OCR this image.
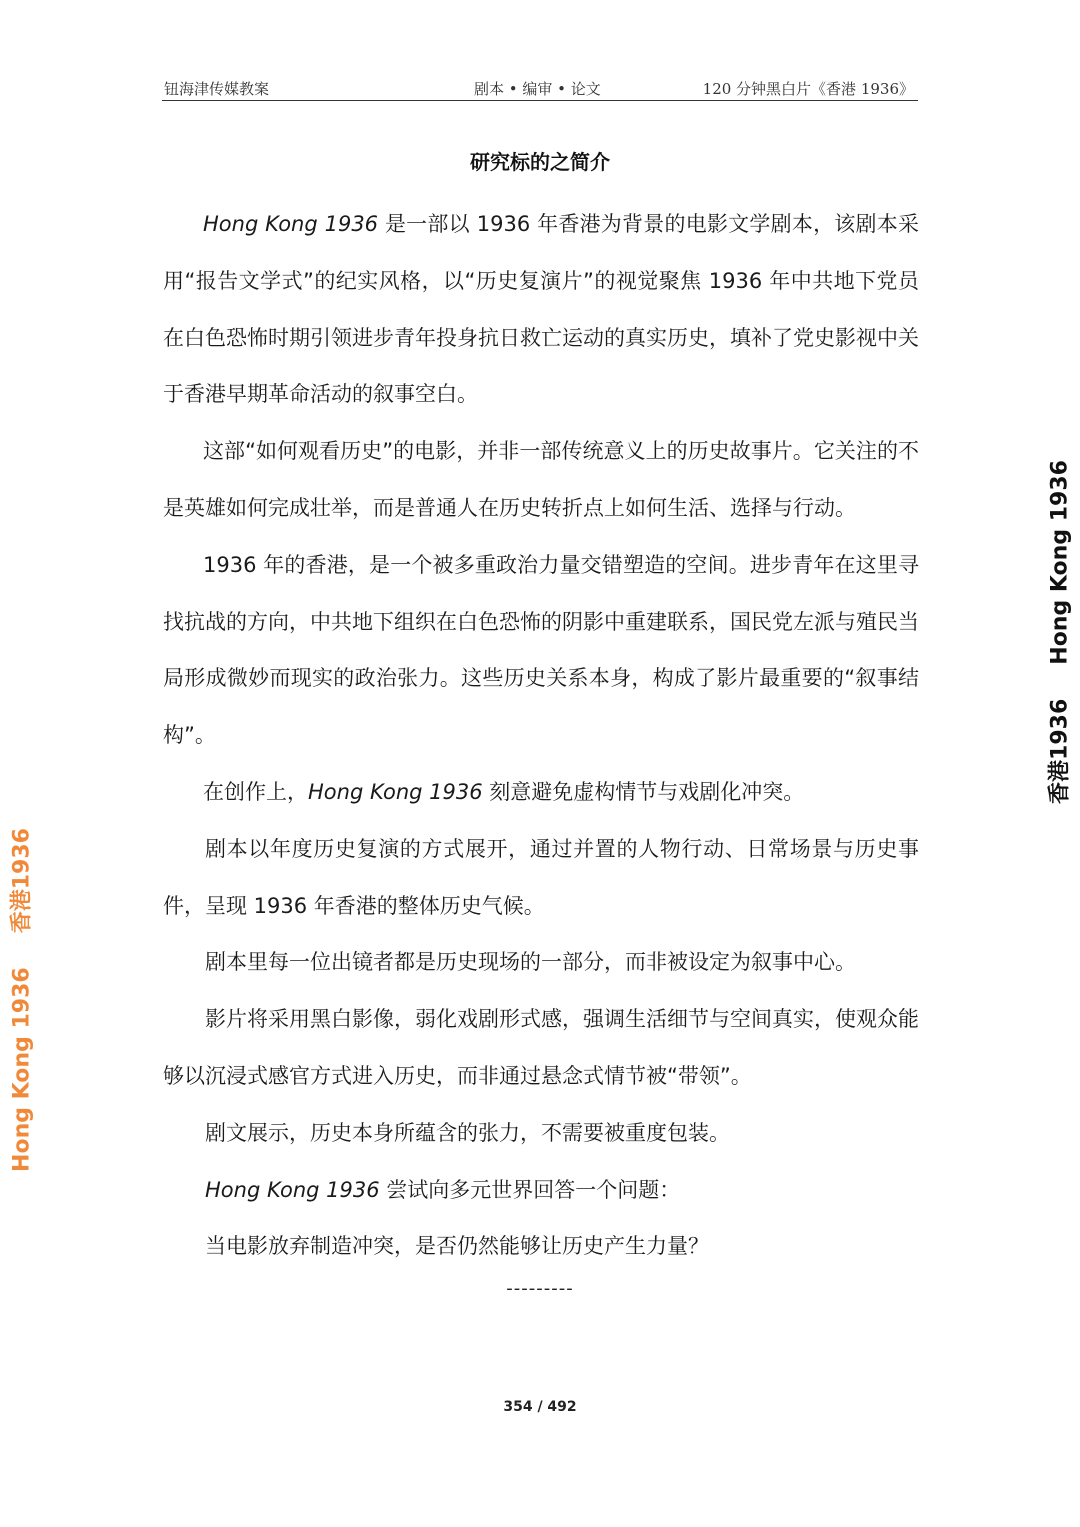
钮海津传媒教案	剧本 • 编审 • 论文	120 分钟黑白片《香港 1936》
研究标的之简介

Hong Kong 1936 是一部以 1936 年香港为背景的电影文学剧本，该剧本采用“报告文学式”的纪实风格，以“历史复演片”的视觉聚焦 1936 年中共地下党员在白色恐怖时期引领进步青年投身抗日救亡运动的真实历史，填补了党史影视中关于香港早期革命活动的叙事空白。

这部“如何观看历史”的电影，并非一部传统意义上的历史故事片。它关注的不是英雄如何完成壮举，而是普通人在历史转折点上如何生活、选择与行动。

1936 年的香港，是一个被多重政治力量交错塑造的空间。进步青年在这里寻找抗战的方向，中共地下组织在白色恐怖的阴影中重建联系，国民党左派与殖民当局形成微妙而现实的政治张力。这些历史关系本身，构成了影片最重要的“叙事结构”。

在创作上，Hong Kong 1936 刻意避免虚构情节与戏剧化冲突。

剧本以年度历史复演的方式展开，通过并置的人物行动、日常场景与历史事件，呈现 1936 年香港的整体历史气候。

剧本里每一位出镜者都是历史现场的一部分，而非被设定为叙事中心。

影片将采用黑白影像，弱化戏剧形式感，强调生活细节与空间真实，使观众能够以沉浸式感官方式进入历史，而非通过悬念式情节被“带领”。

剧文展示，历史本身所蕴含的张力，不需要被重度包装。

Hong Kong 1936 尝试向多元世界回答一个问题：

当电影放弃制造冲突，是否仍然能够让历史产生力量？

---------
354 / 492
香港1936Hong Kong 1936
Hong Kong 1936香港1936
